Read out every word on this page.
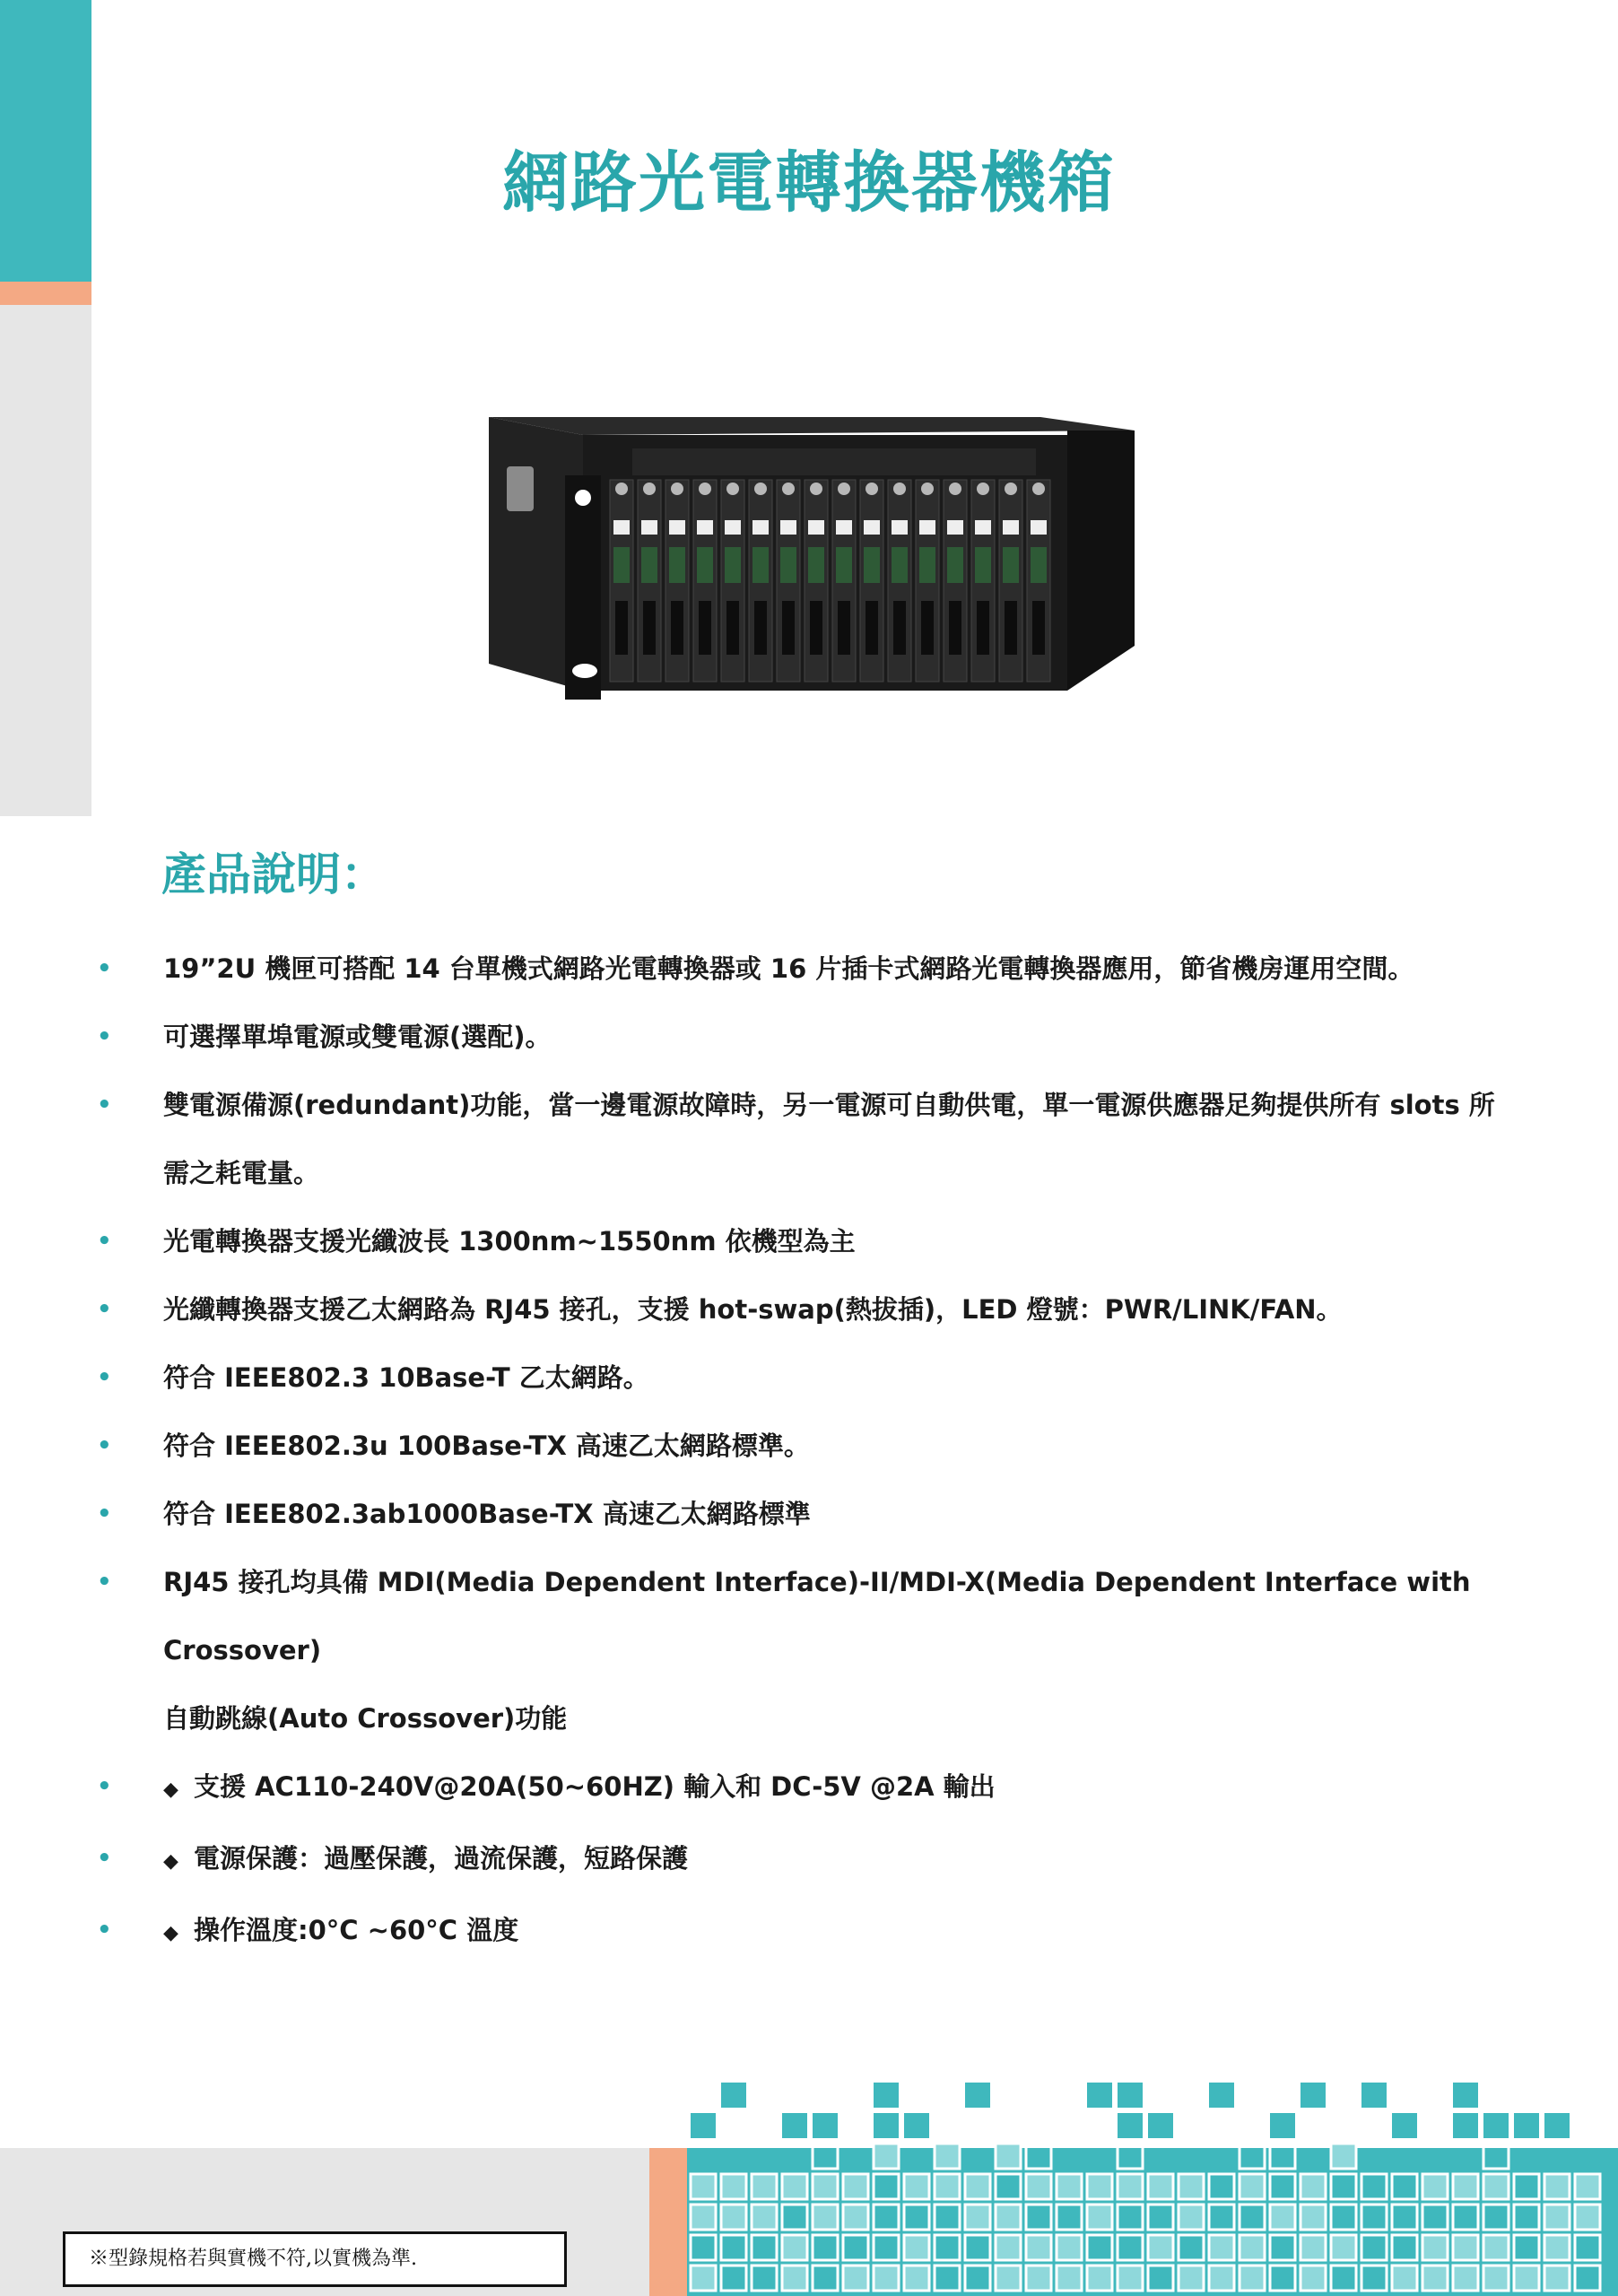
網路光電轉換器機箱
產品說明：
• 19”2U 機匣可搭配 14 台單機式網路光電轉換器或 16 片插卡式網路光電轉換器應用，節省機房運用空間。
• 可選擇單埠電源或雙電源(選配)。
• 雙電源備源(redundant)功能，當一邊電源故障時，另一電源可自動供電，單一電源供應器足夠提供所有 slots 所
需之耗電量。
• 光電轉換器支援光纖波長 1300nm~1550nm 依機型為主
• 光纖轉換器支援乙太網路為 RJ45 接孔，支援 hot-swap(熱拔插)，LED 燈號：PWR/LINK/FAN。
• 符合 IEEE802.3 10Base-T 乙太網路。
• 符合 IEEE802.3u 100Base-TX 高速乙太網路標準。
• 符合 IEEE802.3ab1000Base-TX 高速乙太網路標準
• RJ45 接孔均具備 MDI(Media Dependent Interface)-II/MDI-X(Media Dependent Interface with Crossover)
自動跳線(Auto Crossover)功能
•	◆ 支援 AC110-240V@20A(50~60HZ) 輸入和 DC-5V @2A 輸出
•	◆ 電源保護：過壓保護，過流保護，短路保護
•	◆ 操作溫度:0°C ~60°C 溫度
※型錄規格若與實機不符,以實機為準.
